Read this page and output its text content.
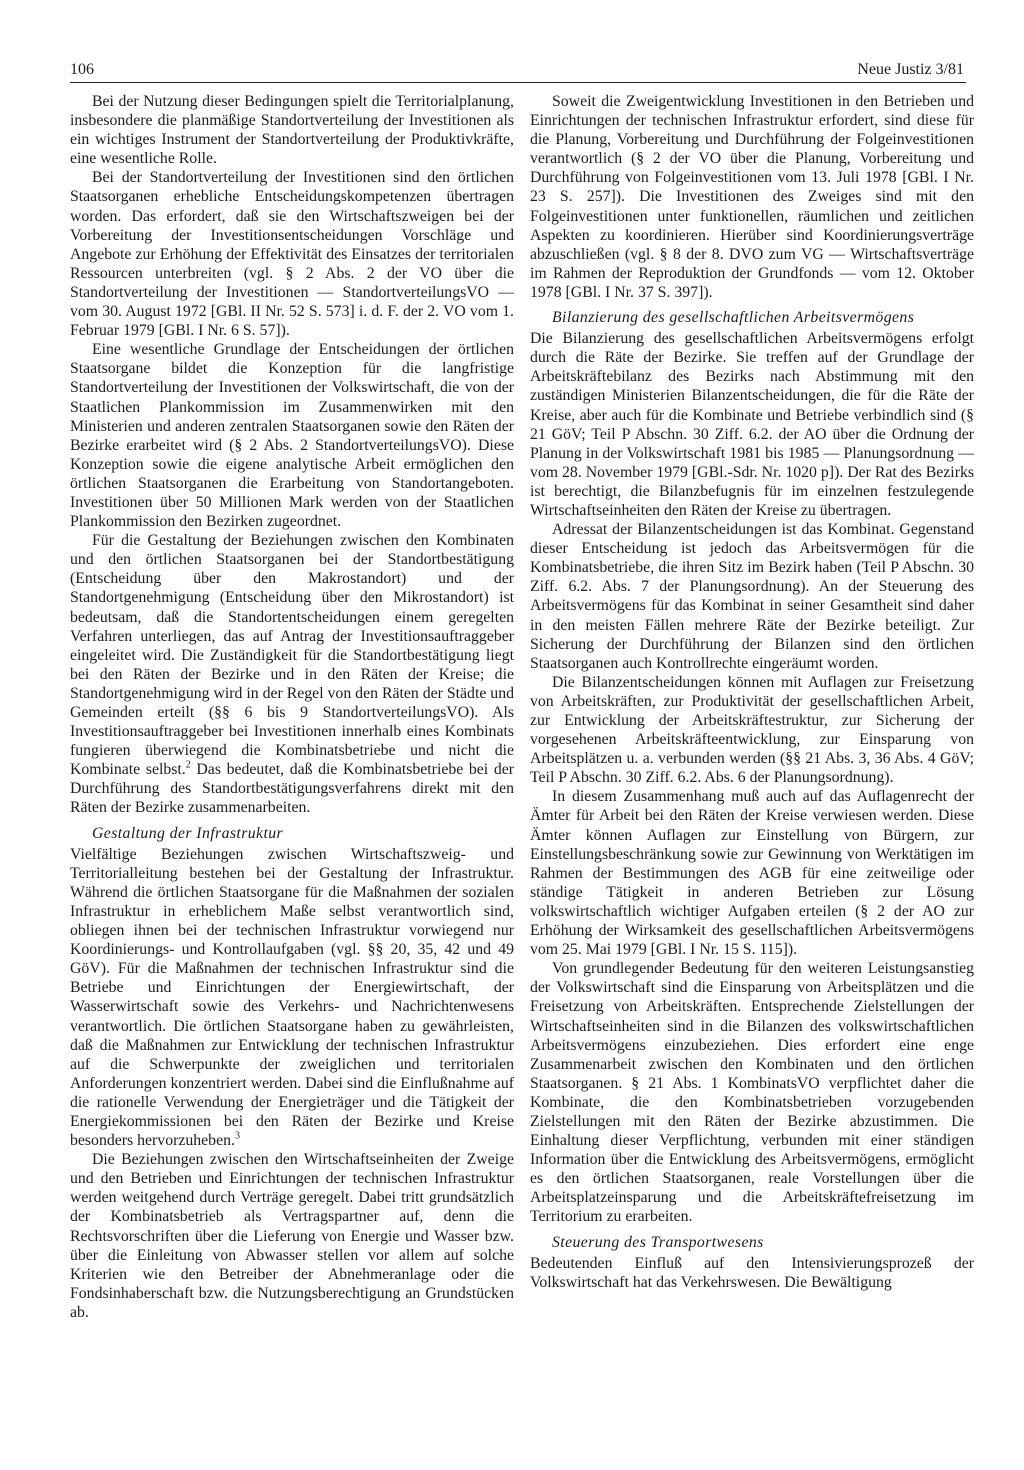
106	Neue Justiz 3/81

Bei der Nutzung dieser Bedingungen spielt die Territorialplanung, insbesondere die planmäßige Standortverteilung der Investitionen als ein wichtiges Instrument der Standortverteilung der Produktivkräfte, eine wesentliche Rolle.

Bei der Standortverteilung der Investitionen sind den örtlichen Staatsorganen erhebliche Entscheidungskompetenzen übertragen worden. Das erfordert, daß sie den Wirtschaftszweigen bei der Vorbereitung der Investitionsentscheidungen Vorschläge und Angebote zur Erhöhung der Effektivität des Einsatzes der territorialen Ressourcen unterbreiten (vgl. § 2 Abs. 2 der VO über die Standortverteilung der Investitionen — StandortverteilungsVO — vom 30. August 1972 [GBl. II Nr. 52 S. 573] i. d. F. der 2. VO vom 1. Februar 1979 [GBl. I Nr. 6 S. 57]).

Eine wesentliche Grundlage der Entscheidungen der örtlichen Staatsorgane bildet die Konzeption für die langfristige Standortverteilung der Investitionen der Volkswirtschaft, die von der Staatlichen Plankommission im Zusammenwirken mit den Ministerien und anderen zentralen Staatsorganen sowie den Räten der Bezirke erarbeitet wird (§ 2 Abs. 2 StandortverteilungsVO). Diese Konzeption sowie die eigene analytische Arbeit ermöglichen den örtlichen Staatsorganen die Erarbeitung von Standortangeboten. Investitionen über 50 Millionen Mark werden von der Staatlichen Plankommission den Bezirken zugeordnet.

Für die Gestaltung der Beziehungen zwischen den Kombinaten und den örtlichen Staatsorganen bei der Standortbestätigung (Entscheidung über den Makrostandort) und der Standortgenehmigung (Entscheidung über den Mikrostandort) ist bedeutsam, daß die Standortentscheidungen einem geregelten Verfahren unterliegen, das auf Antrag der Investitionsauftraggeber eingeleitet wird. Die Zuständigkeit für die Standortbestätigung liegt bei den Räten der Bezirke und in den Räten der Kreise; die Standortgenehmigung wird in der Regel von den Räten der Städte und Gemeinden erteilt (§§ 6 bis 9 StandortverteilungsVO). Als Investitionsauftraggeber bei Investitionen innerhalb eines Kombinats fungieren überwiegend die Kombinatsbetriebe und nicht die Kombinate selbst.$^2$ Das bedeutet, daß die Kombinatsbetriebe bei der Durchführung des Standortbestätigungsverfahrens direkt mit den Räten der Bezirke zusammenarbeiten.

Gestaltung der Infrastruktur

Vielfältige Beziehungen zwischen Wirtschaftszweig- und Territorialleitung bestehen bei der Gestaltung der Infrastruktur. Während die örtlichen Staatsorgane für die Maßnahmen der sozialen Infrastruktur in erheblichem Maße selbst verantwortlich sind, obliegen ihnen bei der technischen Infrastruktur vorwiegend nur Koordinierungs- und Kontrollaufgaben (vgl. §§ 20, 35, 42 und 49 GöV). Für die Maßnahmen der technischen Infrastruktur sind die Betriebe und Einrichtungen der Energiewirtschaft, der Wasserwirtschaft sowie des Verkehrs- und Nachrichtenwesens verantwortlich. Die örtlichen Staatsorgane haben zu gewährleisten, daß die Maßnahmen zur Entwicklung der technischen Infrastruktur auf die Schwerpunkte der zweiglichen und territorialen Anforderungen konzentriert werden. Dabei sind die Einflußnahme auf die rationelle Verwendung der Energieträger und die Tätigkeit der Energiekommissionen bei den Räten der Bezirke und Kreise besonders hervorzuheben.$^3$

Die Beziehungen zwischen den Wirtschaftseinheiten der Zweige und den Betrieben und Einrichtungen der technischen Infrastruktur werden weitgehend durch Verträge geregelt. Dabei tritt grundsätzlich der Kombinatsbetrieb als Vertragspartner auf, denn die Rechtsvorschriften über die Lieferung von Energie und Wasser bzw. über die Einleitung von Abwasser stellen vor allem auf solche Kriterien wie den Betreiber der Abnehmeranlage oder die Fondsinhaberschaft bzw. die Nutzungsberechtigung an Grundstücken ab.

Soweit die Zweigentwicklung Investitionen in den Betrieben und Einrichtungen der technischen Infrastruktur erfordert, sind diese für die Planung, Vorbereitung und Durchführung der Folgeinvestitionen verantwortlich (§ 2 der VO über die Planung, Vorbereitung und Durchführung von Folgeinvestitionen vom 13. Juli 1978 [GBl. I Nr. 23 S. 257]). Die Investitionen des Zweiges sind mit den Folgeinvestitionen unter funktionellen, räumlichen und zeitlichen Aspekten zu koordinieren. Hierüber sind Koordinierungsverträge abzuschließen (vgl. § 8 der 8. DVO zum VG — Wirtschaftsverträge im Rahmen der Reproduktion der Grundfonds — vom 12. Oktober 1978 [GBl. I Nr. 37 S. 397]).

Bilanzierung des gesellschaftlichen Arbeitsvermögens

Die Bilanzierung des gesellschaftlichen Arbeitsvermögens erfolgt durch die Räte der Bezirke. Sie treffen auf der Grundlage der Arbeitskräftebilanz des Bezirks nach Abstimmung mit den zuständigen Ministerien Bilanzentscheidungen, die für die Räte der Kreise, aber auch für die Kombinate und Betriebe verbindlich sind (§ 21 GöV; Teil P Abschn. 30 Ziff. 6.2. der AO über die Ordnung der Planung in der Volkswirtschaft 1981 bis 1985 — Planungsordnung — vom 28. November 1979 [GBl.-Sdr. Nr. 1020 p]). Der Rat des Bezirks ist berechtigt, die Bilanzbefugnis für im einzelnen festzulegende Wirtschaftseinheiten den Räten der Kreise zu übertragen.

Adressat der Bilanzentscheidungen ist das Kombinat. Gegenstand dieser Entscheidung ist jedoch das Arbeitsvermögen für die Kombinatsbetriebe, die ihren Sitz im Bezirk haben (Teil P Abschn. 30 Ziff. 6.2. Abs. 7 der Planungsordnung). An der Steuerung des Arbeitsvermögens für das Kombinat in seiner Gesamtheit sind daher in den meisten Fällen mehrere Räte der Bezirke beteiligt. Zur Sicherung der Durchführung der Bilanzen sind den örtlichen Staatsorganen auch Kontrollrechte eingeräumt worden.

Die Bilanzentscheidungen können mit Auflagen zur Freisetzung von Arbeitskräften, zur Produktivität der gesellschaftlichen Arbeit, zur Entwicklung der Arbeitskräftestruktur, zur Sicherung der vorgesehenen Arbeitskräfteentwicklung, zur Einsparung von Arbeitsplätzen u. a. verbunden werden (§§ 21 Abs. 3, 36 Abs. 4 GöV; Teil P Abschn. 30 Ziff. 6.2. Abs. 6 der Planungsordnung).

In diesem Zusammenhang muß auch auf das Auflagenrecht der Ämter für Arbeit bei den Räten der Kreise verwiesen werden. Diese Ämter können Auflagen zur Einstellung von Bürgern, zur Einstellungsbeschränkung sowie zur Gewinnung von Werktätigen im Rahmen der Bestimmungen des AGB für eine zeitweilige oder ständige Tätigkeit in anderen Betrieben zur Lösung volkswirtschaftlich wichtiger Aufgaben erteilen (§ 2 der AO zur Erhöhung der Wirksamkeit des gesellschaftlichen Arbeitsvermögens vom 25. Mai 1979 [GBl. I Nr. 15 S. 115]).

Von grundlegender Bedeutung für den weiteren Leistungsanstieg der Volkswirtschaft sind die Einsparung von Arbeitsplätzen und die Freisetzung von Arbeitskräften. Entsprechende Zielstellungen der Wirtschaftseinheiten sind in die Bilanzen des volkswirtschaftlichen Arbeitsvermögens einzubeziehen. Dies erfordert eine enge Zusammenarbeit zwischen den Kombinaten und den örtlichen Staatsorganen. § 21 Abs. 1 KombinatsVO verpflichtet daher die Kombinate, die den Kombinatsbetrieben vorzugebenden Zielstellungen mit den Räten der Bezirke abzustimmen. Die Einhaltung dieser Verpflichtung, verbunden mit einer ständigen Information über die Entwicklung des Arbeitsvermögens, ermöglicht es den örtlichen Staatsorganen, reale Vorstellungen über die Arbeitsplatzeinsparung und die Arbeitskräftefreisetzung im Territorium zu erarbeiten.

Steuerung des Transportwesens

Bedeutenden Einfluß auf den Intensivierungsprozeß der Volkswirtschaft hat das Verkehrswesen. Die Bewältigung
